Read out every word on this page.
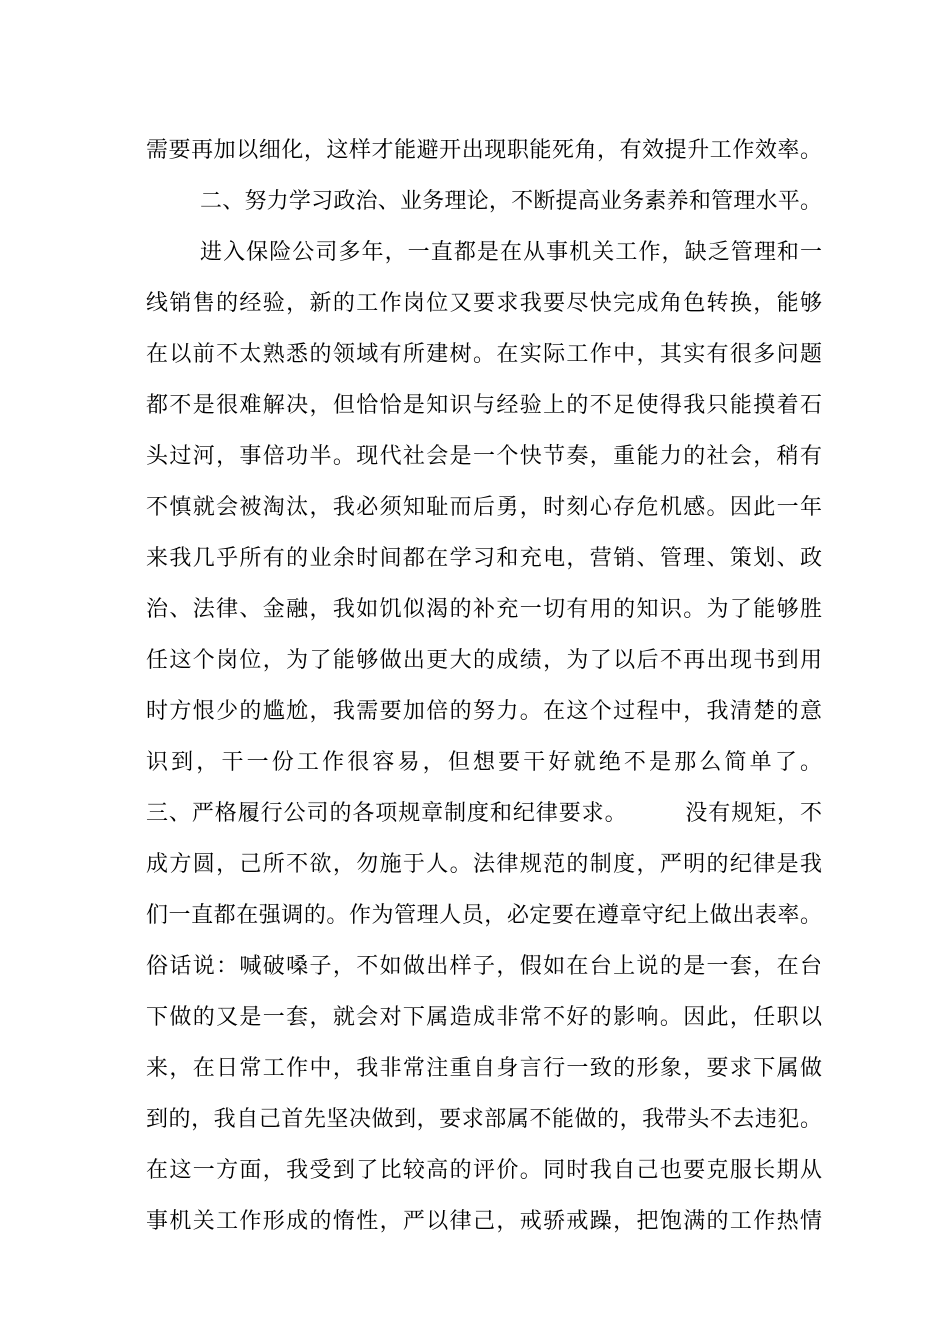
需要再加以细化，这样才能避开出现职能死角，有效提升工作效率。
二、努力学习政治、业务理论，不断提高业务素养和管理水平。
进入保险公司多年，一直都是在从事机关工作，缺乏管理和一
线销售的经验，新的工作岗位又要求我要尽快完成角色转换，能够
在以前不太熟悉的领域有所建树。在实际工作中，其实有很多问题
都不是很难解决，但恰恰是知识与经验上的不足使得我只能摸着石
头过河，事倍功半。现代社会是一个快节奏，重能力的社会，稍有
不慎就会被淘汰，我必须知耻而后勇，时刻心存危机感。因此一年
来我几乎所有的业余时间都在学习和充电，营销、管理、策划、政
治、法律、金融，我如饥似渴的补充一切有用的知识。为了能够胜
任这个岗位，为了能够做出更大的成绩，为了以后不再出现书到用
时方恨少的尴尬，我需要加倍的努力。在这个过程中，我清楚的意
识到，干一份工作很容易，但想要干好就绝不是那么简单了。
三、严格履行公司的各项规章制度和纪律要求。　　　没有规矩，不
成方圆，己所不欲，勿施于人。法律规范的制度，严明的纪律是我
们一直都在强调的。作为管理人员，必定要在遵章守纪上做出表率。
俗话说：喊破嗓子，不如做出样子，假如在台上说的是一套，在台
下做的又是一套，就会对下属造成非常不好的影响。因此，任职以
来，在日常工作中，我非常注重自身言行一致的形象，要求下属做
到的，我自己首先坚决做到，要求部属不能做的，我带头不去违犯。
在这一方面，我受到了比较高的评价。同时我自己也要克服长期从
事机关工作形成的惰性，严以律己，戒骄戒躁，把饱满的工作热情
